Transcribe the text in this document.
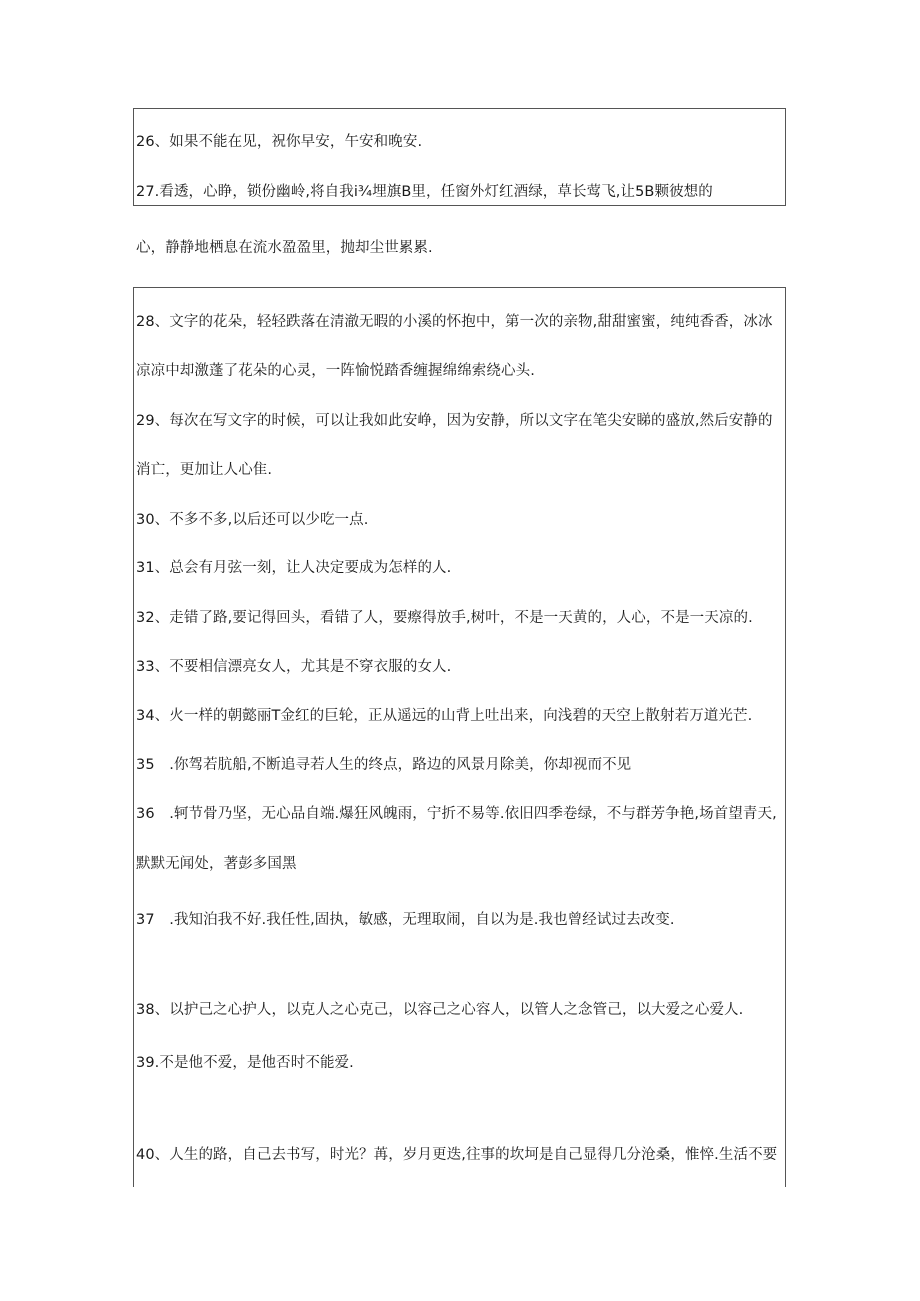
26、如果不能在见，祝你早安，午安和晚安.
27.看透，心睁，锁份幽岭,将自我i¾埋旗B里，任窗外灯红酒绿，草长莺飞,让5B颗彼想的
心，静静地栖息在流水盈盈里，抛却尘世累累.
28、文字的花朵，轻轻跌落在清澈无暇的小溪的怀抱中，第一次的亲物,甜甜蜜蜜，纯纯香香，冰冰
凉凉中却激蓬了花朵的心灵，一阵愉悦踏香缠握绵绵索绕心头.
29、每次在写文字的时候，可以让我如此安峥，因为安静，所以文字在笔尖安睇的盛放,然后安静的
消亡，更加让人心隹.
30、不多不多,以后还可以少吃一点.
31、总会有月弦一刻，让人决定要成为怎样的人.
32、走错了路,要记得回头，看错了人，要瘵得放手,树叶，不是一天黄的，人心，不是一天凉的.
33、不要相信漂亮女人，尤其是不穿衣服的女人.
34、火一样的朝懿丽T金红的巨轮，正从遥远的山背上吐出来，向浅碧的天空上散射若万道光芒.
35　.你驾若肮船,不断追寻若人生的终点，路边的风景月除美，你却视而不见
36　.轲节骨乃坚，无心品自端.爆狂风魄雨，宁折不易等.依旧四季卷绿，不与群芳争艳,场首望青天,
默默无闻处，著彭多国黑
37　.我知泊我不好.我任性,固执，敏感，无理取闹，自以为是.我也曾经试过去改变.
38、以护己之心护人，以克人之心克己，以容己之心容人，以管人之念管己，以大爱之心爱人.
39.不是他不爱，是他否时不能爱.
40、人生的路，自己去书写，时光？苒，岁月更迭,往事的坎坷是自己显得几分沧桑，惟悴.生活不要
